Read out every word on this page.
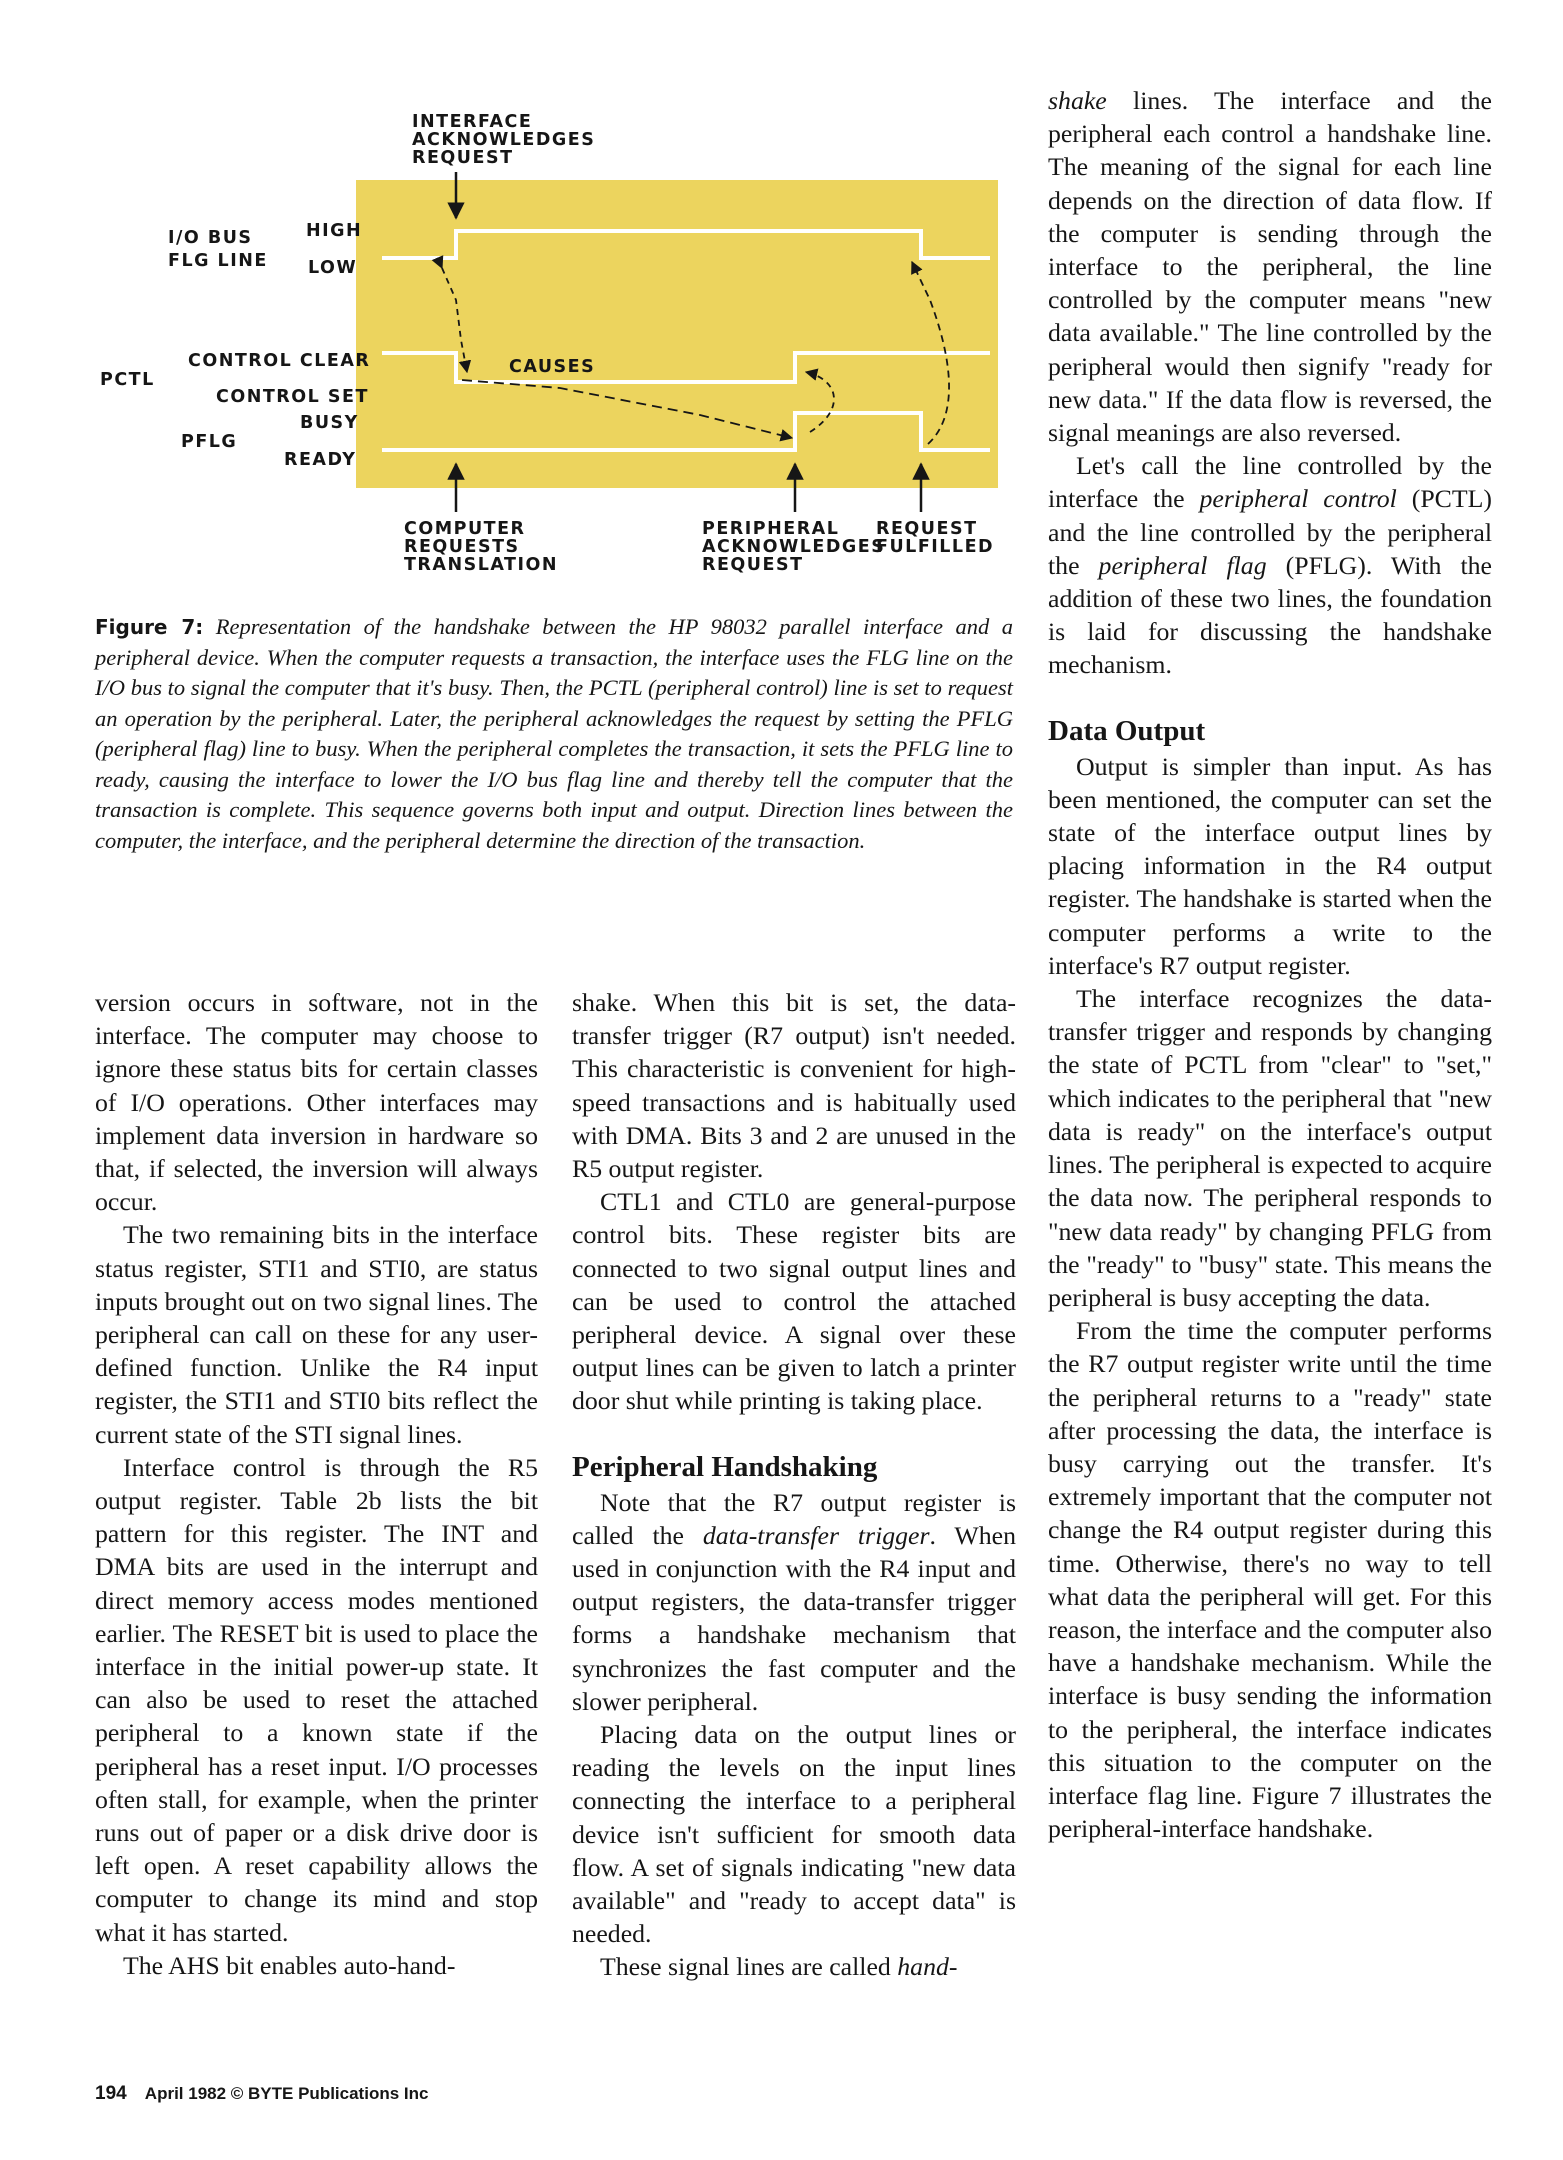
INTERFACE
ACKNOWLEDGES
REQUEST
I/O BUS
FLG LINE
HIGH
LOW
PCTL
CONTROL CLEAR
CONTROL SET
BUSY
PFLG
READY
CAUSES
COMPUTER
REQUESTS
TRANSLATION
PERIPHERAL
ACKNOWLEDGES
REQUEST
REQUEST
FULFILLED
Figure 7: Representation of the handshake between the HP 98032 parallel interface and a peripheral device. When the computer requests a transaction, the interface uses the FLG line on the I/O bus to signal the computer that it's busy. Then, the PCTL (peripheral control) line is set to request an operation by the peripheral. Later, the peripheral acknowledges the request by setting the PFLG (peripheral flag) line to busy. When the peripheral completes the transaction, it sets the PFLG line to ready, causing the interface to lower the I/O bus flag line and thereby tell the computer that the transaction is complete. This sequence governs both input and output. Direction lines between the computer, the interface, and the peripheral determine the direction of the transaction.

version occurs in software, not in the interface. The computer may choose to ignore these status bits for certain classes of I/O operations. Other interfaces may implement data inversion in hardware so that, if selected, the inversion will always occur.

The two remaining bits in the interface status register, STI1 and STI0, are status inputs brought out on two signal lines. The peripheral can call on these for any user-defined function. Unlike the R4 input register, the STI1 and STI0 bits reflect the current state of the STI signal lines.

Interface control is through the R5 output register. Table 2b lists the bit pattern for this register. The INT and DMA bits are used in the interrupt and direct memory access modes mentioned earlier. The RESET bit is used to place the interface in the initial power-up state. It can also be used to reset the attached peripheral to a known state if the peripheral has a reset input. I/O processes often stall, for example, when the printer runs out of paper or a disk drive door is left open. A reset capability allows the computer to change its mind and stop what it has started.

The AHS bit enables auto-hand-

shake. When this bit is set, the data-transfer trigger (R7 output) isn't needed. This characteristic is convenient for high-speed transactions and is habitually used with DMA. Bits 3 and 2 are unused in the R5 output register.

CTL1 and CTL0 are general-purpose control bits. These register bits are connected to two signal output lines and can be used to control the attached peripheral device. A signal over these output lines can be given to latch a printer door shut while printing is taking place.

Peripheral Handshaking

Note that the R7 output register is called the data-transfer trigger. When used in conjunction with the R4 input and output registers, the data-transfer trigger forms a handshake mechanism that synchronizes the fast computer and the slower peripheral.

Placing data on the output lines or reading the levels on the input lines connecting the interface to a peripheral device isn't sufficient for smooth data flow. A set of signals indicating "new data available" and "ready to accept data" is needed.

These signal lines are called hand-

shake lines. The interface and the peripheral each control a handshake line. The meaning of the signal for each line depends on the direction of data flow. If the computer is sending through the interface to the peripheral, the line controlled by the computer means "new data available." The line controlled by the peripheral would then signify "ready for new data." If the data flow is reversed, the signal meanings are also reversed.

Let's call the line controlled by the interface the peripheral control (PCTL) and the line controlled by the peripheral the peripheral flag (PFLG). With the addition of these two lines, the foundation is laid for discussing the handshake mechanism.

Data Output

Output is simpler than input. As has been mentioned, the computer can set the state of the interface output lines by placing information in the R4 output register. The handshake is started when the computer performs a write to the interface's R7 output register.

The interface recognizes the data-transfer trigger and responds by changing the state of PCTL from "clear" to "set," which indicates to the peripheral that "new data is ready" on the interface's output lines. The peripheral is expected to acquire the data now. The peripheral responds to "new data ready" by changing PFLG from the "ready" to "busy" state. This means the peripheral is busy accepting the data.

From the time the computer performs the R7 output register write until the time the peripheral returns to a "ready" state after processing the data, the interface is busy carrying out the transfer. It's extremely important that the computer not change the R4 output register during this time. Otherwise, there's no way to tell what data the peripheral will get. For this reason, the interface and the computer also have a handshake mechanism. While the interface is busy sending the information to the peripheral, the interface indicates this situation to the computer on the interface flag line. Figure 7 illustrates the peripheral-interface handshake.

194 April 1982 © BYTE Publications Inc
